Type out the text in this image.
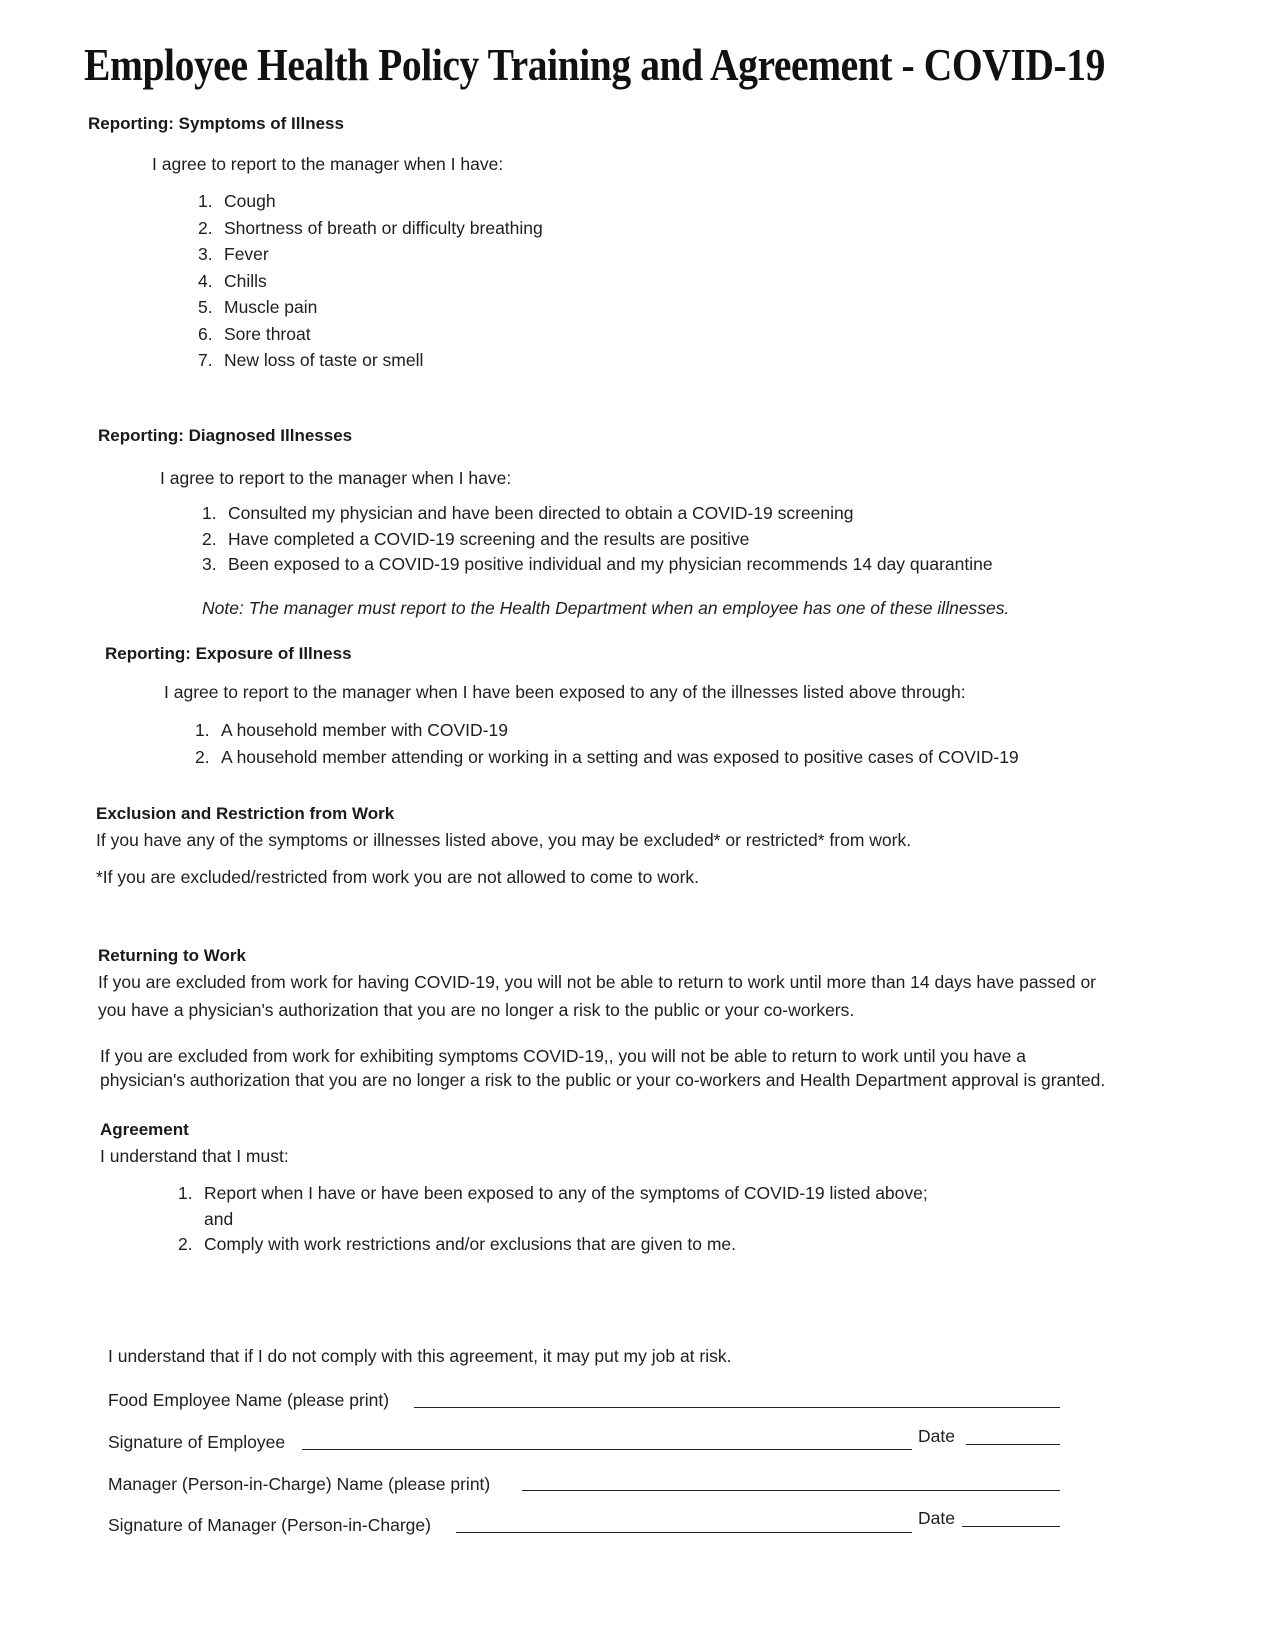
Employee Health Policy Training and Agreement - COVID-19

Reporting: Symptoms of Illness

I agree to report to the manager when I have:

1. Cough
2. Shortness of breath or difficulty breathing
3. Fever
4. Chills
5. Muscle pain
6. Sore throat
7. New loss of taste or smell

Reporting: Diagnosed Illnesses

I agree to report to the manager when I have:

1. Consulted my physician and have been directed to obtain a COVID-19 screening
2. Have completed a COVID-19 screening and the results are positive
3. Been exposed to a COVID-19 positive individual and my physician recommends 14 day quarantine

Note: The manager must report to the Health Department when an employee has one of these illnesses.

Reporting: Exposure of Illness

I agree to report to the manager when I have been exposed to any of the illnesses listed above through:

1. A household member with COVID-19
2. A household member attending or working in a setting and was exposed to positive cases of COVID-19

Exclusion and Restriction from Work

If you have any of the symptoms or illnesses listed above, you may be excluded* or restricted* from work.

*If you are excluded/restricted from work you are not allowed to come to work.

Returning to Work

If you are excluded from work for having COVID-19, you will not be able to return to work until more than 14 days have passed or

you have a physician's authorization that you are no longer a risk to the public or your co-workers.

If you are excluded from work for exhibiting symptoms COVID-19,, you will not be able to return to work until you have a

physician's authorization that you are no longer a risk to the public or your co-workers and Health Department approval is granted.

Agreement

I understand that I must:

1. Report when I have or have been exposed to any of the symptoms of COVID-19 listed above;

and

2. Comply with work restrictions and/or exclusions that are given to me.

I understand that if I do not comply with this agreement, it may put my job at risk.

Food Employee Name (please print)
Signature of Employee	Date
Manager (Person-in-Charge) Name (please print)
Signature of Manager (Person-in-Charge)	Date
